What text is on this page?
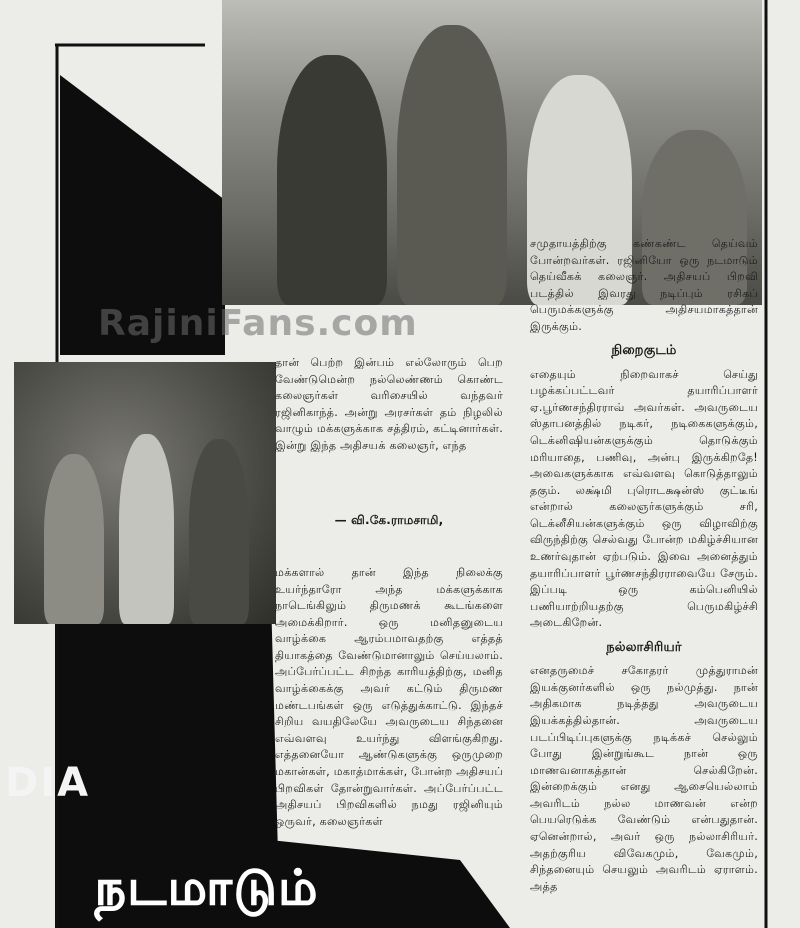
RajiniFans.com
DIA
நடமாடும்

தான் பெற்ற இன்பம் எல்லோரும் பெற வேண்டுமென்ற நல்லெண்ணம் கொண்ட கலைஞர்கள் வரிசையில் வந்தவர் ரஜினிகாந்த். அன்று அரசர்கள் தம் நிழலில் வாழும் மக்களுக்காக சத்திரம், கட்டினார்கள். இன்று இந்த அதிசயக் கலைஞர், எந்த

— வி.கே.ராமசாமி,

மக்களால் தான் இந்த நிலைக்கு உயர்ந்தாரோ அந்த மக்களுக்காக நாடெங்கிலும் திருமணக் கூடங்களை அமைக்கிறார். ஒரு மனிதனுடைய வாழ்க்கை ஆரம்பமாவதற்கு எத்தத் தியாகத்தை வேண்டுமானாலும் செய்யலாம். அப்பேர்ப்பட்ட சிறந்த காரியத்திற்கு, மனித வாழ்க்கைக்கு அவர் கட்டும் திருமண மண்டபங்கள் ஒரு எடுத்துக்காட்டு. இந்தச் சிறிய வயதிலேயே அவருடைய சிந்தனை எவ்வளவு உயர்ந்து விளங்குகிறது. எத்தனையோ ஆண்டுகளுக்கு ஒருமுறை மகான்கள், மகாத்மாக்கள், போன்ற அதிசயப் பிறவிகள் தோன்றுவார்கள். அப்பேர்ப்பட்ட அதிசயப் பிறவிகளில் நமது ரஜினியும் ஒருவர், கலைஞர்கள்

சமுதாயத்திற்கு கண்கண்ட தெய்வம் போன்றவர்கள். ரஜினியோ ஒரு நடமாடும் தெய்வீகக் கலைஞர். அதிசயப் பிறவி படத்தில் இவரது நடிப்பும் ரசிகப் பெருமக்களுக்கு அதிசயமாகத்தான் இருக்கும்.

நிறைகுடம்

எதையும் நிறைவாகச் செய்து பழக்கப்பட்டவர் தயாரிப்பாளர் ஏ.பூர்ணசந்திரராவ் அவர்கள். அவருடைய ஸ்தாபனத்தில் நடிகர், நடிகைகளுக்கும், டெக்னிஷியன்களுக்கும் தொடுக்கும் மரியாதை, பணிவு, அன்பு இருக்கிறதே! அவைகளுக்காக எவ்வளவு கொடுத்தாலும் தகும். லக்ஷ்மி புரொடக்ஷன்ஸ் குட்டீங் என்றால் கலைஞர்களுக்கும் சரி, டெக்னீசியன்களுக்கும் ஒரு விழாவிற்கு விருந்திற்கு செல்வது போன்ற மகிழ்ச்சியான உணர்வுதான் ஏற்படும். இவை அனைத்தும் தயாரிப்பாளர் பூர்ணசந்திரராவையே சேரும். இப்படி ஒரு கம்பெனியில் பணியாற்றியதற்கு பெருமகிழ்ச்சி அடைகிறேன்.

நல்லாசிரியர்

எனதருமைச் சகோதரர் முத்துராமன் இயக்குனர்களில் ஒரு நல்முத்து. நான் அதிகமாக நடித்தது அவருடைய இயக்கத்தில்தான். அவருடைய படப்பிடிப்புகளுக்கு நடிக்கச் செல்லும் போது இன்றுங்கூட நான் ஒரு மாணவனாகத்தான் செல்கிறேன். இன்றைக்கும் எனது ஆசையெல்லாம் அவரிடம் நல்ல மாணவன் என்ற பெயரெடுக்க வேண்டும் என்பதுதான். ஏனென்றால், அவர் ஒரு நல்லாசிரியர். அதற்குரிய விவேகமும், வேகமும், சிந்தனையும் செயலும் அவரிடம் ஏராளம். அத்த
